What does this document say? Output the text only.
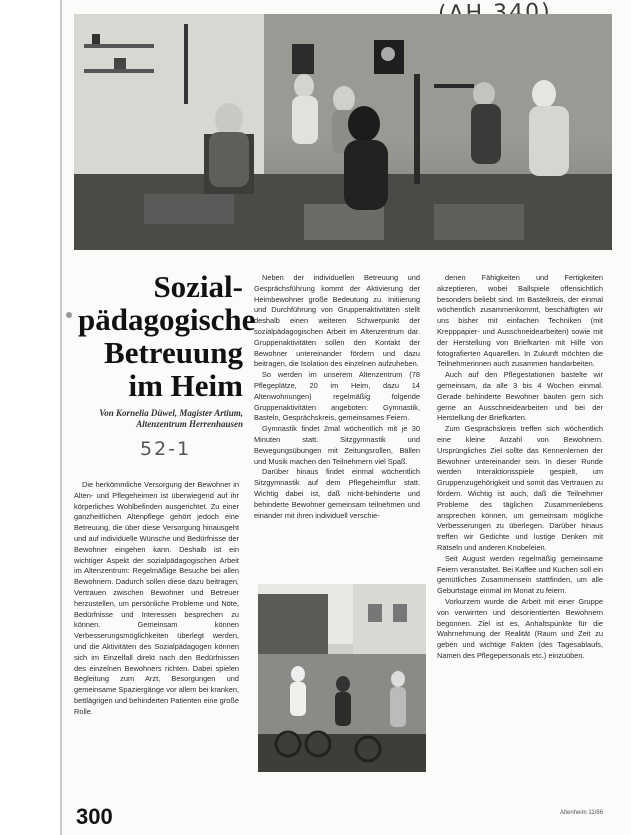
Sozial-
pädagogische
Betreuung
im Heim
Von Kornelia Düwel, Magister Artium, Altenzentrum Herrenhausen
52-1

Die herkömmliche Versorgung der Bewohner in Alten- und Pflegeheimen ist überwiegend auf ihr körperliches Wohlbefinden ausgerichtet. Zu einer ganzheitlichen Altenpflege gehört jedoch eine Betreuung, die über diese Versorgung hinausgeht und auf individuelle Wünsche und Bedürfnisse der Bewohner eingehen kann. Deshalb ist ein wichtiger Aspekt der sozialpädagogischen Arbeit im Altenzentrum: Regelmäßige Besuche bei allen Bewohnern. Dadurch sollen diese dazu beitragen, Vertrauen zwischen Bewohner und Betreuer herzustellen, um persönliche Probleme und Nöte, Bedürfnisse und Interessen besprechen zu können. Gemeinsam können Verbesserungsmöglichkeiten überlegt werden, und die Aktivitäten des Sozialpädagogen können sich im Einzelfall direkt nach den Bedürfnissen des einzelnen Bewohners richten. Dabei spielen Begleitung zum Arzt, Besorgungen und gemeinsame Spaziergänge vor allem bei kranken, bettlägrigen und behinderten Patienten eine große Rolle.

Neben der individuellen Betreuung und Gesprächsführung kommt der Aktivierung der Heimbewohner große Bedeutung zu. Initiierung und Durchführung von Gruppenaktivitäten stellt deshalb einen weiteren Schwerpunkt der sozialpädagogischen Arbeit im Altenzentrum dar. Gruppenaktivitäten sollen den Kontakt der Bewohner untereinander fördern und dazu beitragen, die Isolation des einzelnen aufzuheben.

So werden im unserem Altenzentrum (78 Pflegeplätze, 20 im Heim, dazu 14 Altenwohnungen) regelmäßig folgende Gruppenaktivitäten angeboten: Gymnastik, Basteln, Gesprächskreis, gemeinsames Feiern.

Gymnastik findet 2mal wöchentlich mit je 30 Minuten statt. Sitzgymnastik und Bewegungsübungen mit Zeitungsrollen, Bällen und Musik machen den Teilnehmern viel Spaß.

Darüber hinaus findet einmal wöchentlich Sitzgymnastik auf dem Pflegeheimflur statt. Wichtig dabei ist, daß nicht-behinderte und behinderte Bewohner gemeinsam teilnehmen und einander mit ihren individuell verschie-

denen Fähigkeiten und Fertigkeiten akzeptieren, wobei Ballspiele offensichtlich besonders beliebt sind. Im Bastelkreis, der einmal wöchentlich zusammenkommt, beschäftigten wir uns bisher mit einfachen Techniken (mit Krepppapier- und Ausschneidearbeiten) sowie mit der Herstellung von Briefkarten mit Hilfe von fotografierten Aquarellen. In Zukunft möchten die Teilnehmerinnen auch zusammen handarbeiten.

Auch auf den Pflegestationen bastelte wir gemeinsam, da alle 3 bis 4 Wochen einmal. Gerade behinderte Bewohner bauten gern sich gerne an Ausschneidearbeiten und bei der Herstellung der Briefkarten.

Zum Gesprächskreis treffen sich wöchentlich eine kleine Anzahl von Bewohnern. Ursprüngliches Ziel sollte das Kennenlernen der Bewohner untereinander sein. In dieser Runde werden Interaktionsspiele gespielt, um Gruppenzugehörigkeit und somit das Vertrauen zu fördern. Wichtig ist auch, daß die Teilnehmer Probleme des täglichen Zusammenlebens ansprechen können, um gemeinsam mögliche Verbesserungen zu überlegen. Darüber hinaus treffen wir Gedichte und lustige Denken mit Rätseln und anderen Knobeleien.

Seit August werden regelmäßig gemeinsame Feiern veranstaltet. Bei Kaffee und Kuchen soll ein gemütliches Zusammensein stattfinden, um alle Geburtstage einmal im Monat zu feiern.

Vorkurzem wurde die Arbeit mit einer Gruppe von verwirrten und desorientierten Bewohnern begonnen. Ziel ist es, Anhaltspunkte für die Wahrnehmung der Realität (Raum und Zeit zu geben und wichtige Fakten (des Tagesablaufs, Namen des Pflegepersonals etc.) einzuüben.

300	Altenheim 11/86
